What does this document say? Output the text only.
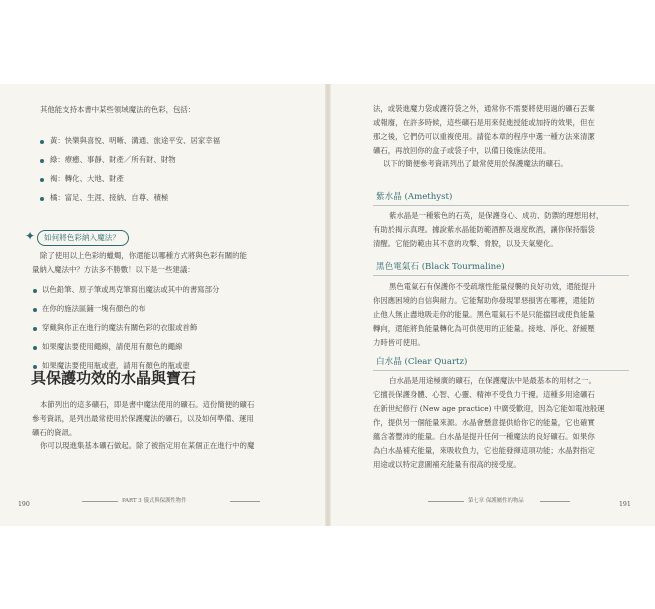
其他能支持本書中某些領域魔法的色彩，包括：
黃：快樂與喜悅、明晰、溝通、旅途平安、居家幸福
綠：療癒、事靜、財產／所有財、財物
褐：轉化、大地、財產
橘：富足、生涯、接納、自尊、積極
✦	如何將色彩納入魔法？
除了使用以上色彩的蠟燭，你還能以哪種方式將與色彩有關的能
量納入魔法中？方法多不勝數！以下是一些建議：
以色鉛筆、原子筆或馬克筆寫出魔法或其中的書寫部分
在你的施法區鋪一塊有顏色的布
穿戴與你正在進行的魔法有關色彩的衣服或首飾
如果魔法要使用繩線，請使用有顏色的繩線
如果魔法要使用瓶或壺，請用有顏色的瓶或壺
具保護功效的水晶與寶石
本節列出的這多礦石，即是書中魔法使用的礦石。這份簡便的礦石
參考資訊，是列出最常使用於保護魔法的礦石，以及如何準備、運用
礦石的資訊。
你可以現進集基本礦石做起。除了被指定用在某個正在進行中的魔
190	PART 3 儀式與保護性物件
法，或裝進魔力袋或護符袋之外，通常你不需要將使用過的礦石丟棄
或報廢，在許多時候，這些礦石是用來促進授能或加持的效果，但在
那之後，它們仍可以重複使用。請從本章的程序中選一種方法來清潔
礦石，再放回你的盒子或袋子中，以備日後施法使用。
以下的簡便參考資訊列出了最常使用於保護魔法的礦石。
紫水晶 (Amethyst)
紫水晶是一種紫色的石英，是保護身心、成功、防禦的理想用材，
有助於揭示真理。據說紫水晶能防範酒醉及過度飲酒，讓你保持腦袋
清醒。它能防範由其不意的攻擊、脅脫，以及天氣變化。
黑色電氣石 (Black Tourmaline)
黑色電氣石有保護你不受疏壞性能量侵襲的良好功效，還能提升
你因應困境的自信與耐力。它能幫助你發現罪惡損害在哪裡，還能防
止他人無止盡地吸走你的能量。黑色電氣石不是只能擋回或使負能量
轉向，還能將負能量轉化為可供使用的正能量。接地、淨化、舒緩壓
力時皆可使用。
白水晶 (Clear Quartz)
白水晶是用途極廣的礦石，在保護魔法中是最基本的用材之一。
它擅長保護身體、心智、心靈、精神不受負力干擾。這種多用途礦石
在新世紀修行 (New age practice) 中廣受歡迎，因為它能如電池般運
作，提供另一個能量來源。水晶會懸意提供給你它的能量，它也確實
蘊含著豐沛的能量。白水晶是提升任何一種魔法的良好礦石。如果你
為白水晶補充能量，來吸收負力，它也能發揮這項功能；水晶對指定
用途或以特定意圖補充能量有很高的接受度。
第七章 保護屬性的物品	191
